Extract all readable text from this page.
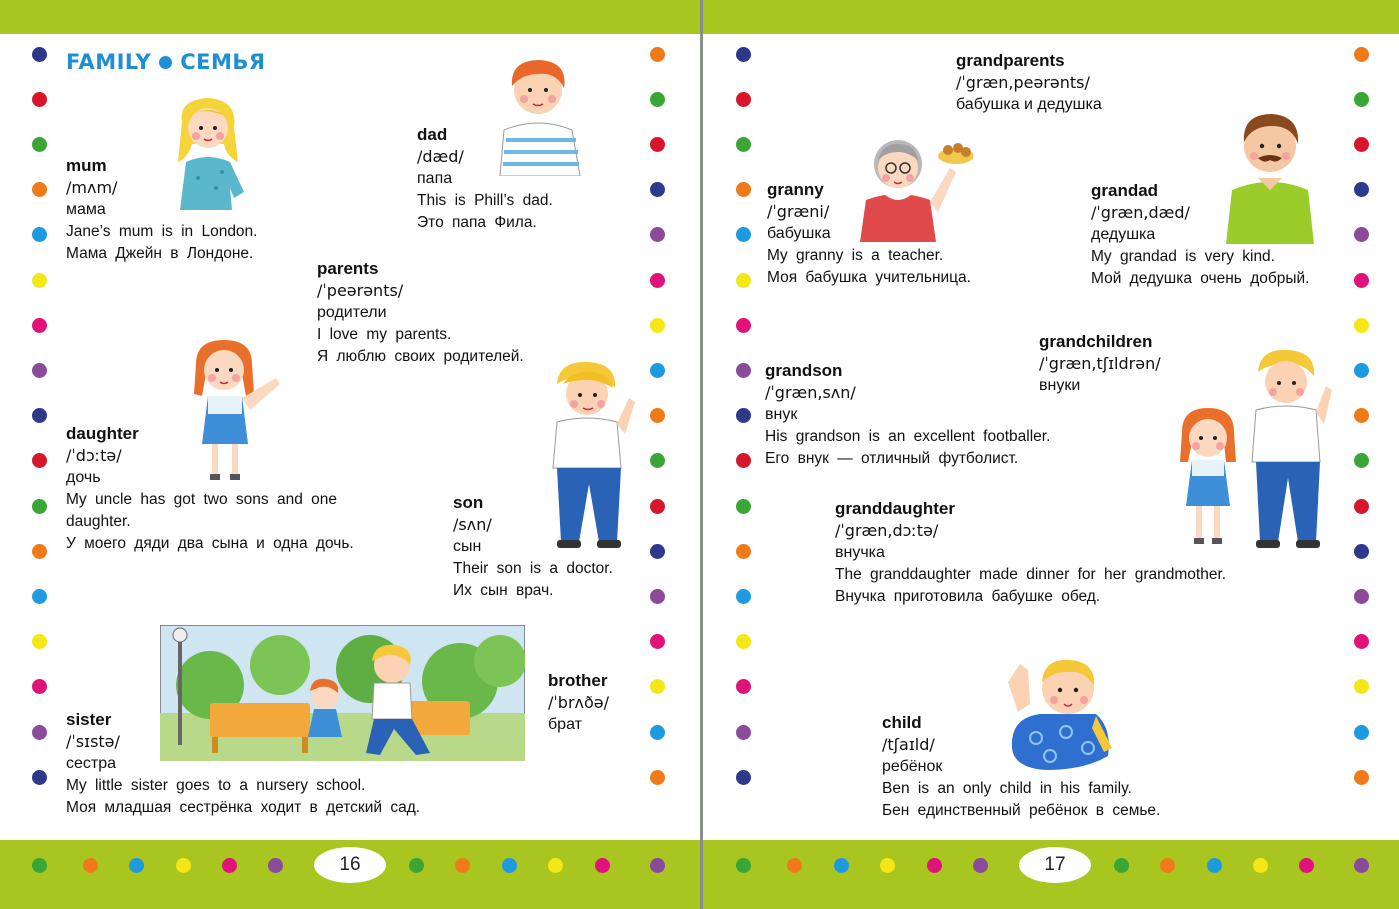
16	17
FAMILY СЕМЬЯ
mum
/mʌm/
мама
Jane’s mum is in London.
Мама Джейн в Лондоне.
dad
/dæd/
папа
This is Phill’s dad.
Это папа Фила.
parents
/ˈpeərənts/
родители
I love my parents.
Я люблю своих родителей.
daughter
/ˈdɔːtə/
дочь
My uncle has got two sons and one
daughter.
У моего дяди два сына и одна дочь.
son
/sʌn/
сын
Their son is a doctor.
Их сын врач.
brother
/ˈbrʌðə/
брат
sister
/ˈsɪstə/
сестра
My little sister goes to a nursery school.
Моя младшая сестрёнка ходит в детский сад.
grandparents
/ˈgræn,peərənts/
бабушка и дедушка
granny
/ˈgræni/
бабушка
My granny is a teacher.
Моя бабушка учительница.
grandad
/ˈgræn,dæd/
дедушка
My grandad is very kind.
Мой дедушка очень добрый.
grandchildren
/ˈgræn,tʃɪldrən/
внуки
grandson
/ˈgræn,sʌn/
внук
His grandson is an excellent footballer.
Его внук — отличный футболист.
granddaughter
/ˈgræn,dɔːtə/
внучка
The granddaughter made dinner for her grandmother.
Внучка приготовила бабушке обед.
child
/tʃaɪld/
ребёнок
Ben is an only child in his family.
Бен единственный ребёнок в семье.
